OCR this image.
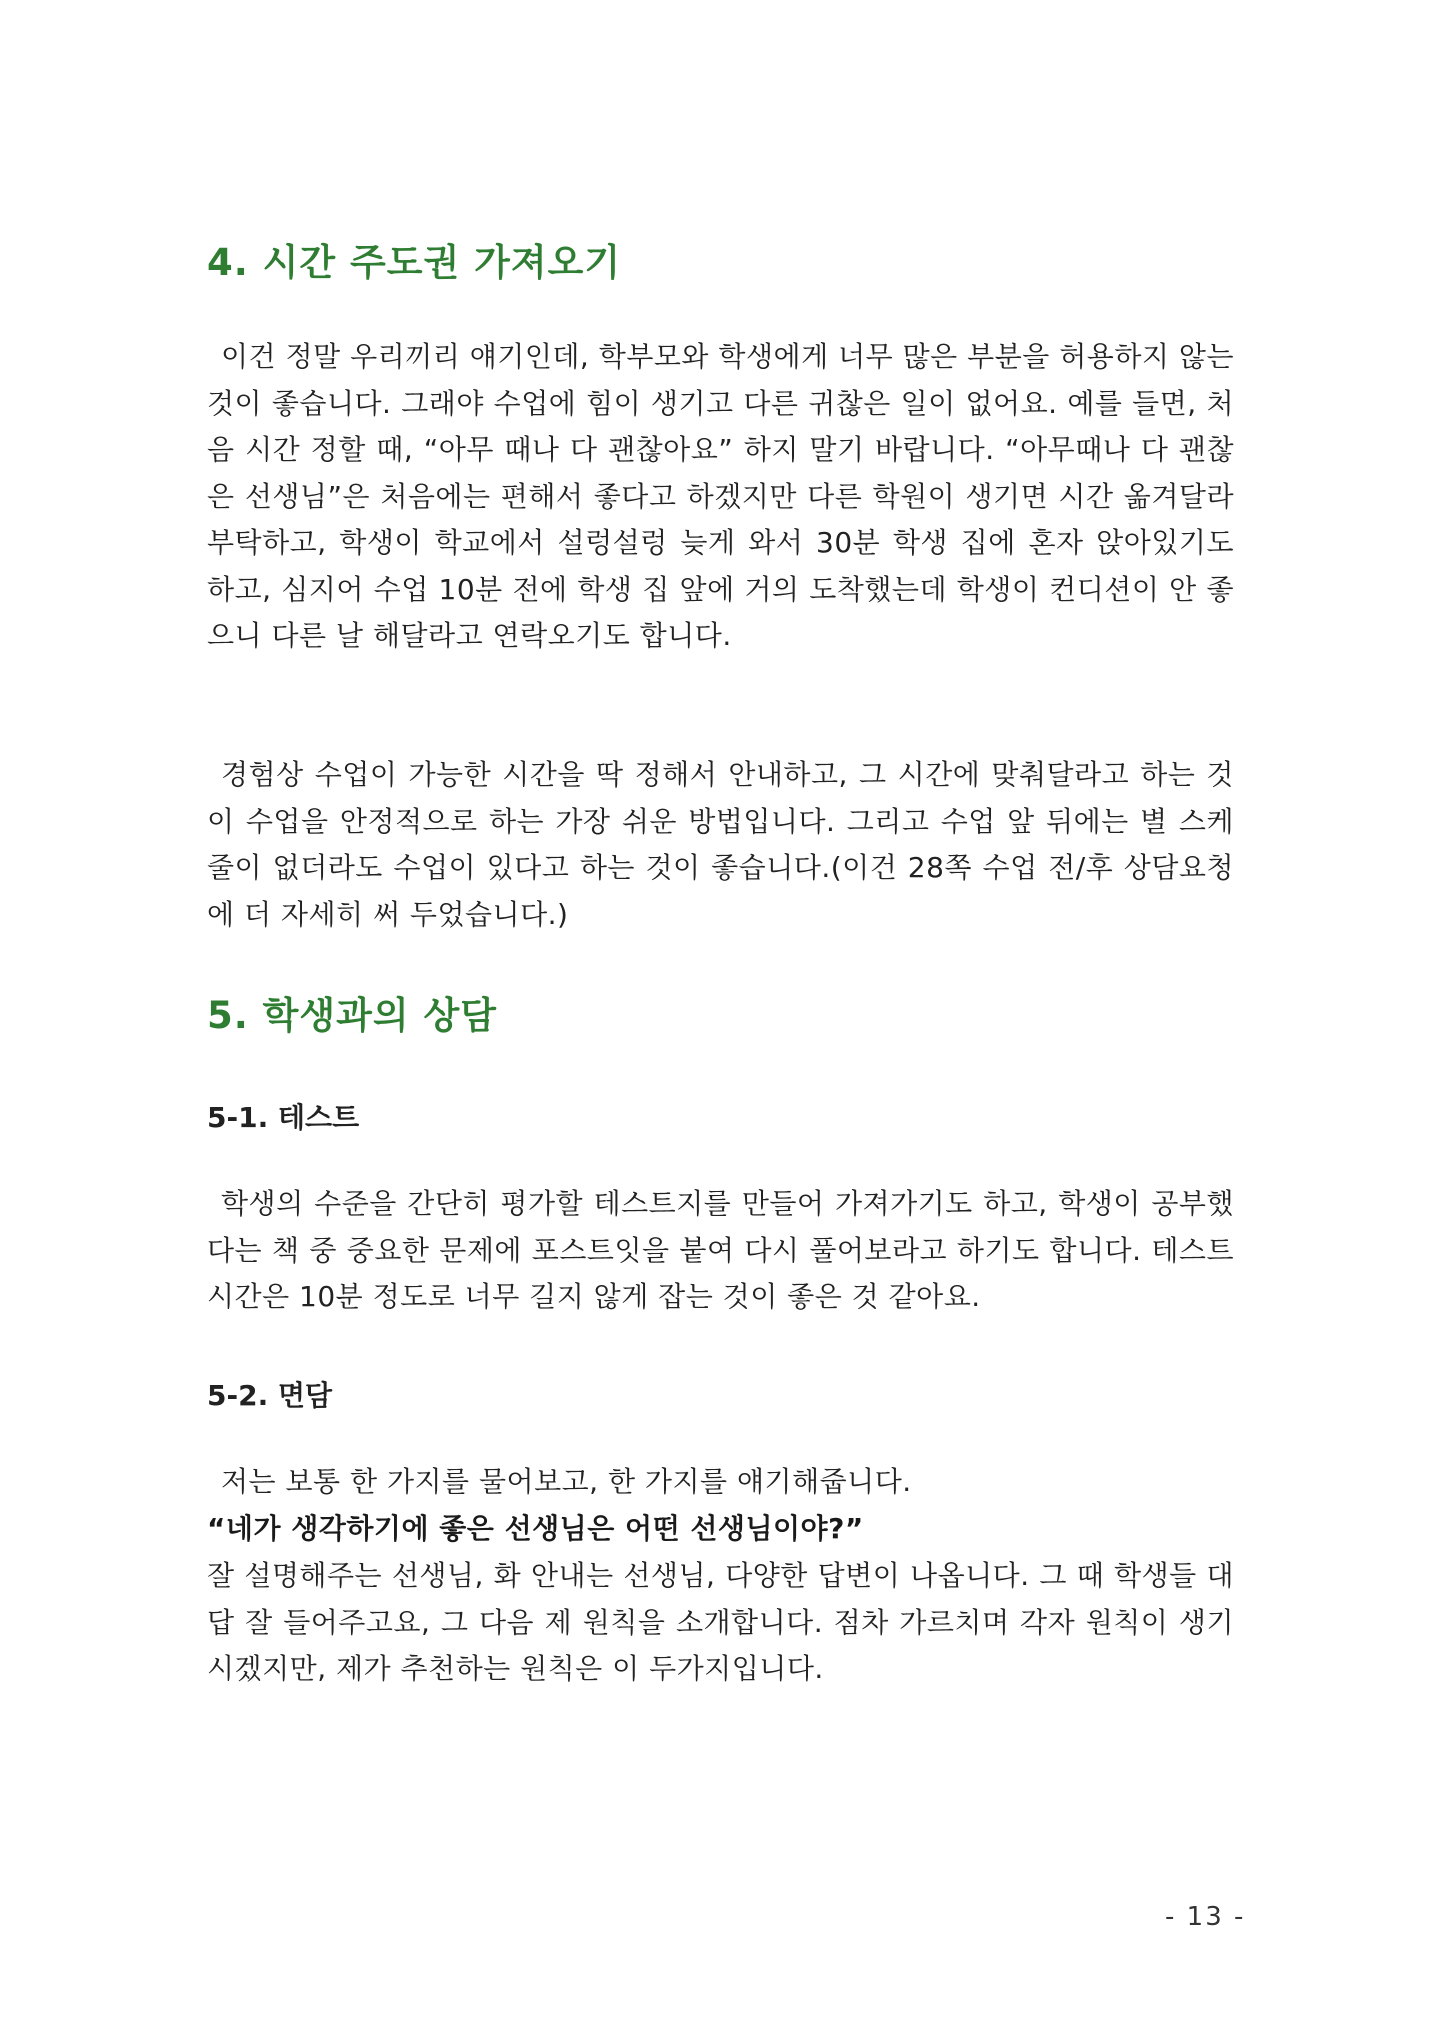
4. 시간 주도권 가져오기

이건 정말 우리끼리 얘기인데, 학부모와 학생에게 너무 많은 부분을 허용하지 않는 것이 좋습니다. 그래야 수업에 힘이 생기고 다른 귀찮은 일이 없어요. 예를 들면, 처음 시간 정할 때, “아무 때나 다 괜찮아요” 하지 말기 바랍니다. “아무때나 다 괜찮은 선생님”은 처음에는 편해서 좋다고 하겠지만 다른 학원이 생기면 시간 옮겨달라 부탁하고, 학생이 학교에서 설렁설렁 늦게 와서 30분 학생 집에 혼자 앉아있기도 하고, 심지어 수업 10분 전에 학생 집 앞에 거의 도착했는데 학생이 컨디션이 안 좋으니 다른 날 해달라고 연락오기도 합니다.

경험상 수업이 가능한 시간을 딱 정해서 안내하고, 그 시간에 맞춰달라고 하는 것이 수업을 안정적으로 하는 가장 쉬운 방법입니다. 그리고 수업 앞 뒤에는 별 스케줄이 없더라도 수업이 있다고 하는 것이 좋습니다.(이건 28쪽 수업 전/후 상담요청에 더 자세히 써 두었습니다.)

5. 학생과의 상담
5-1. 테스트

학생의 수준을 간단히 평가할 테스트지를 만들어 가져가기도 하고, 학생이 공부했다는 책 중 중요한 문제에 포스트잇을 붙여 다시 풀어보라고 하기도 합니다. 테스트 시간은 10분 정도로 너무 길지 않게 잡는 것이 좋은 것 같아요.

5-2. 면담
저는 보통 한 가지를 물어보고, 한 가지를 얘기해줍니다.
“네가 생각하기에 좋은 선생님은 어떤 선생님이야?”

잘 설명해주는 선생님, 화 안내는 선생님, 다양한 답변이 나옵니다. 그 때 학생들 대답 잘 들어주고요, 그 다음 제 원칙을 소개합니다. 점차 가르치며 각자 원칙이 생기시겠지만, 제가 추천하는 원칙은 이 두가지입니다.

- 13 -
